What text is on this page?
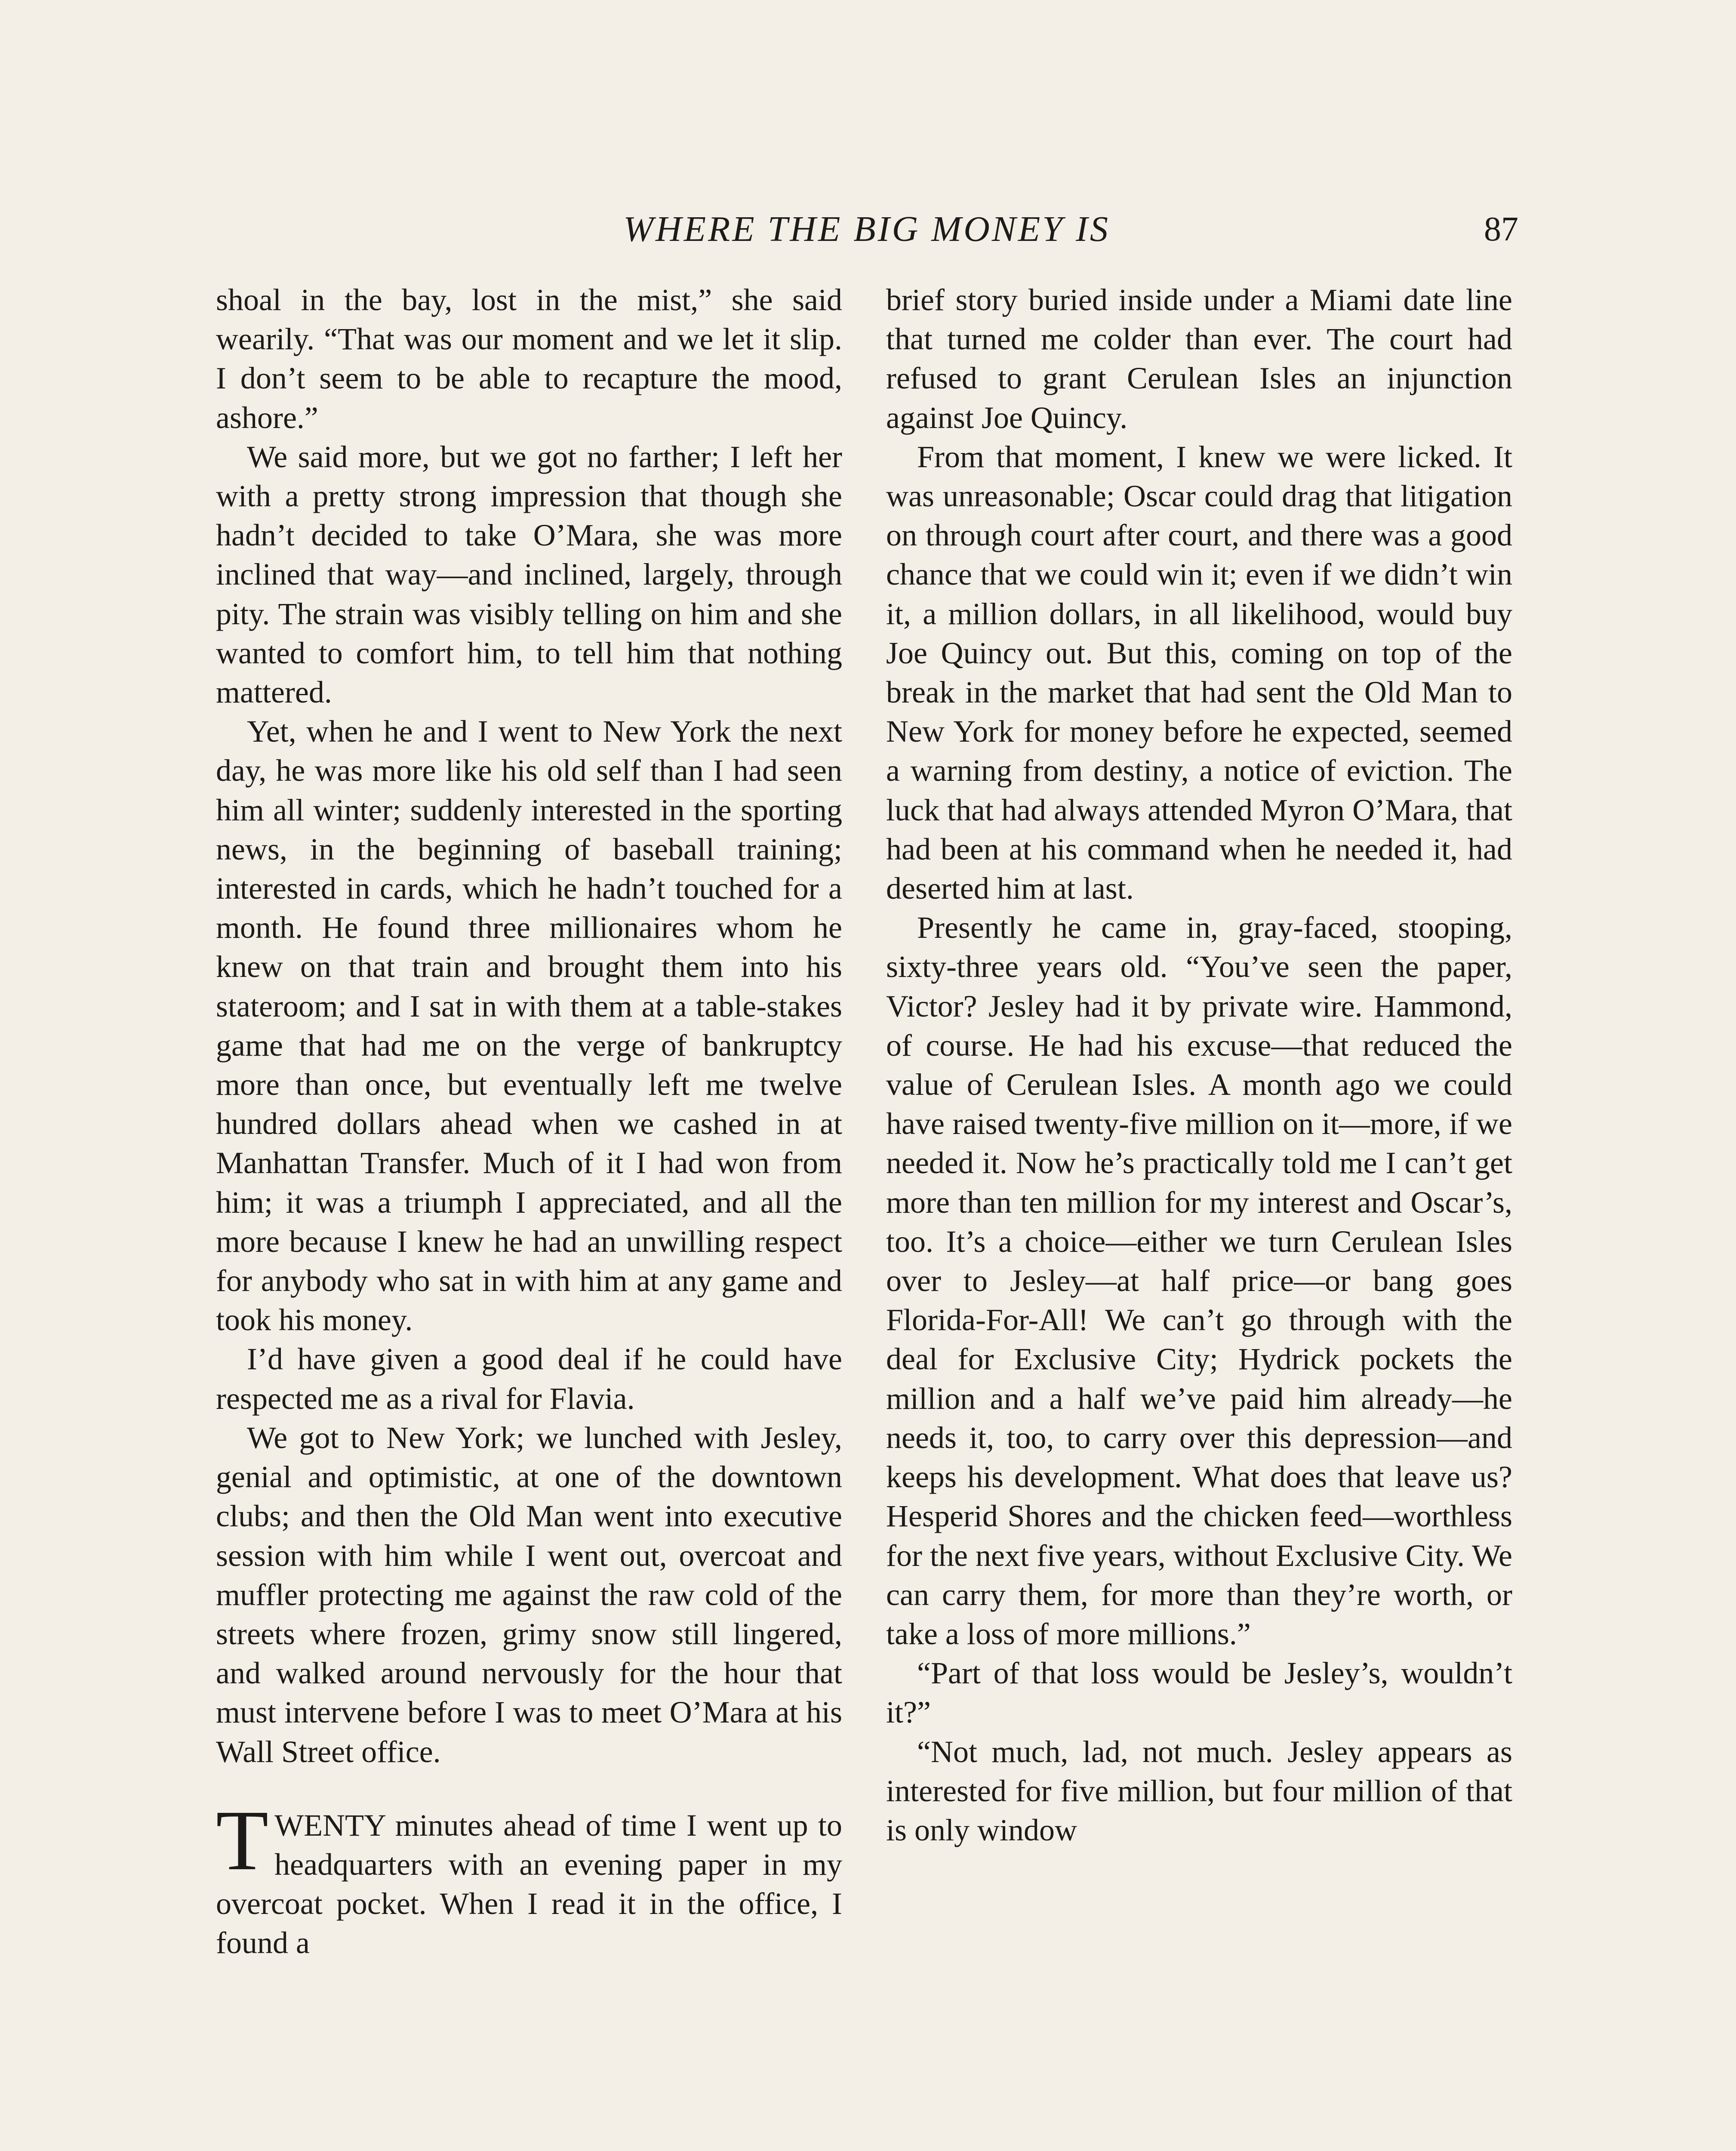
WHERE THE BIG MONEY IS	87

shoal in the bay, lost in the mist,” she said wearily. “That was our moment and we let it slip. I don’t seem to be able to recapture the mood, ashore.”

We said more, but we got no farther; I left her with a pretty strong impression that though she hadn’t decided to take O’Mara, she was more inclined that way—and inclined, largely, through pity. The strain was visibly telling on him and she wanted to comfort him, to tell him that nothing mattered.

Yet, when he and I went to New York the next day, he was more like his old self than I had seen him all winter; suddenly interested in the sporting news, in the beginning of baseball training; interested in cards, which he hadn’t touched for a month. He found three millionaires whom he knew on that train and brought them into his stateroom; and I sat in with them at a table-stakes game that had me on the verge of bankruptcy more than once, but eventually left me twelve hundred dollars ahead when we cashed in at Manhattan Transfer. Much of it I had won from him; it was a triumph I appreciated, and all the more because I knew he had an unwilling respect for anybody who sat in with him at any game and took his money.

I’d have given a good deal if he could have respected me as a rival for Flavia.

We got to New York; we lunched with Jesley, genial and optimistic, at one of the downtown clubs; and then the Old Man went into executive session with him while I went out, overcoat and muffler protecting me against the raw cold of the streets where frozen, grimy snow still lingered, and walked around nervously for the hour that must intervene before I was to meet O’Mara at his Wall Street office.

TWENTY minutes ahead of time I went up to headquarters with an evening paper in my overcoat pocket. When I read it in the office, I found a

brief story buried inside under a Miami date line that turned me colder than ever. The court had refused to grant Cerulean Isles an injunction against Joe Quincy.

From that moment, I knew we were licked. It was unreasonable; Oscar could drag that litigation on through court after court, and there was a good chance that we could win it; even if we didn’t win it, a million dollars, in all likelihood, would buy Joe Quincy out. But this, coming on top of the break in the market that had sent the Old Man to New York for money before he expected, seemed a warning from destiny, a notice of eviction. The luck that had always attended Myron O’Mara, that had been at his command when he needed it, had deserted him at last.

Presently he came in, gray-faced, stooping, sixty-three years old. “You’ve seen the paper, Victor? Jesley had it by private wire. Hammond, of course. He had his excuse—that reduced the value of Cerulean Isles. A month ago we could have raised twenty-five million on it—more, if we needed it. Now he’s practically told me I can’t get more than ten million for my interest and Oscar’s, too. It’s a choice—either we turn Cerulean Isles over to Jesley—at half price—or bang goes Florida-For-All! We can’t go through with the deal for Exclusive City; Hydrick pockets the million and a half we’ve paid him already—he needs it, too, to carry over this depression—and keeps his development. What does that leave us? Hesperid Shores and the chicken feed—worthless for the next five years, without Exclusive City. We can carry them, for more than they’re worth, or take a loss of more millions.”

“Part of that loss would be Jesley’s, wouldn’t it?”

“Not much, lad, not much. Jesley appears as interested for five million, but four million of that is only window
